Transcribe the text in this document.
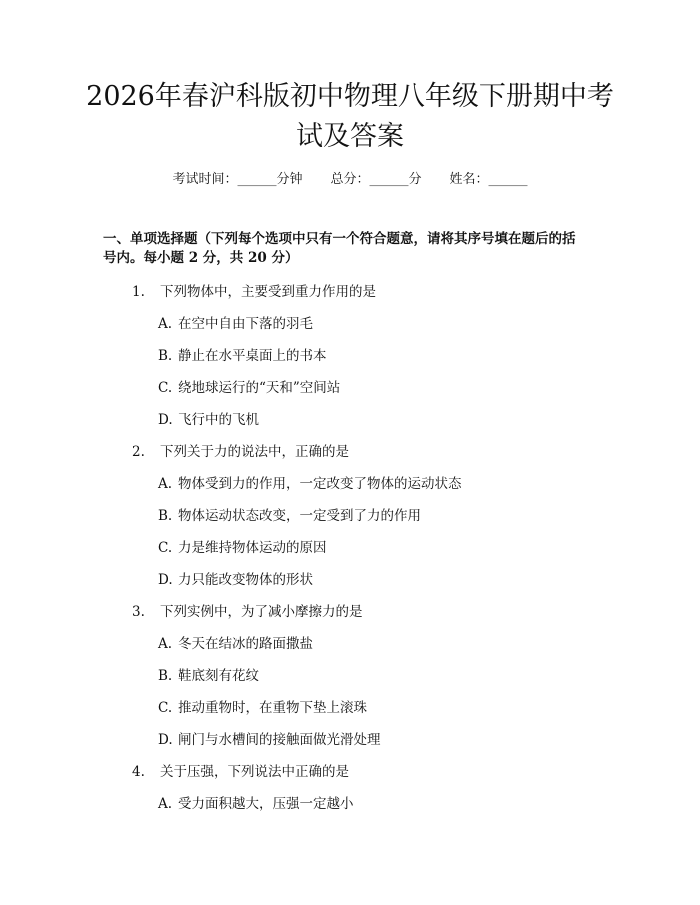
2026年春沪科版初中物理八年级下册期中考
试及答案
考试时间：______分钟 总分：______分 姓名：______
一、单项选择题（下列每个选项中只有一个符合题意，请将其序号填在题后的括
号内。每小题 2 分，共 20 分）
1. 下列物体中，主要受到重力作用的是
A. 在空中自由下落的羽毛
B. 静止在水平桌面上的书本
C. 绕地球运行的“天和”空间站
D. 飞行中的飞机
2. 下列关于力的说法中，正确的是
A. 物体受到力的作用，一定改变了物体的运动状态
B. 物体运动状态改变，一定受到了力的作用
C. 力是维持物体运动的原因
D. 力只能改变物体的形状
3. 下列实例中，为了减小摩擦力的是
A. 冬天在结冰的路面撒盐
B. 鞋底刻有花纹
C. 推动重物时，在重物下垫上滚珠
D. 闸门与水槽间的接触面做光滑处理
4. 关于压强，下列说法中正确的是
A. 受力面积越大，压强一定越小
